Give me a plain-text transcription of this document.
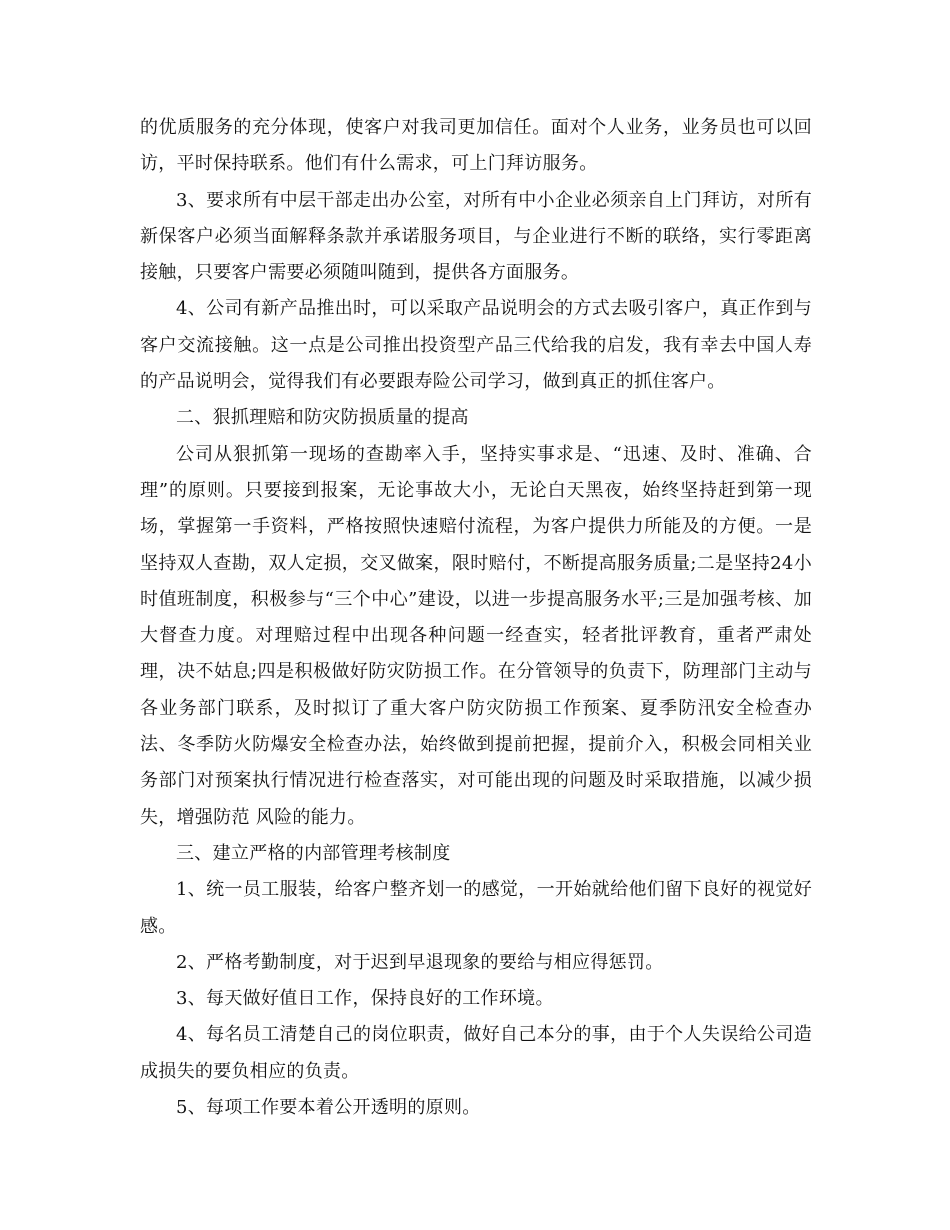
的优质服务的充分体现，使客户对我司更加信任。面对个人业务，业务员也可以回访，平时保持联系。他们有什么需求，可上门拜访服务。

3、要求所有中层干部走出办公室，对所有中小企业必须亲自上门拜访，对所有新保客户必须当面解释条款并承诺服务项目，与企业进行不断的联络，实行零距离接触，只要客户需要必须随叫随到，提供各方面服务。

4、公司有新产品推出时，可以采取产品说明会的方式去吸引客户，真正作到与客户交流接触。这一点是公司推出投资型产品三代给我的启发，我有幸去中国人寿的产品说明会，觉得我们有必要跟寿险公司学习，做到真正的抓住客户。

二、狠抓理赔和防灾防损质量的提高

公司从狠抓第一现场的查勘率入手，坚持实事求是、“迅速、及时、准确、合理”的原则。只要接到报案，无论事故大小，无论白天黑夜，始终坚持赶到第一现场，掌握第一手资料，严格按照快速赔付流程，为客户提供力所能及的方便。一是坚持双人查勘，双人定损，交叉做案，限时赔付，不断提高服务质量;二是坚持24小时值班制度，积极参与“三个中心”建设，以进一步提高服务水平;三是加强考核、加大督查力度。对理赔过程中出现各种问题一经查实，轻者批评教育，重者严肃处理，决不姑息;四是积极做好防灾防损工作。在分管领导的负责下，防理部门主动与各业务部门联系，及时拟订了重大客户防灾防损工作预案、夏季防汛安全检查办法、冬季防火防爆安全检查办法，始终做到提前把握，提前介入，积极会同相关业务部门对预案执行情况进行检查落实，对可能出现的问题及时采取措施，以减少损失，增强防范 风险的能力。

三、建立严格的内部管理考核制度

1、统一员工服装，给客户整齐划一的感觉，一开始就给他们留下良好的视觉好感。

2、严格考勤制度，对于迟到早退现象的要给与相应得惩罚。

3、每天做好值日工作，保持良好的工作环境。

4、每名员工清楚自己的岗位职责，做好自己本分的事，由于个人失误给公司造成损失的要负相应的负责。

5、每项工作要本着公开透明的原则。
